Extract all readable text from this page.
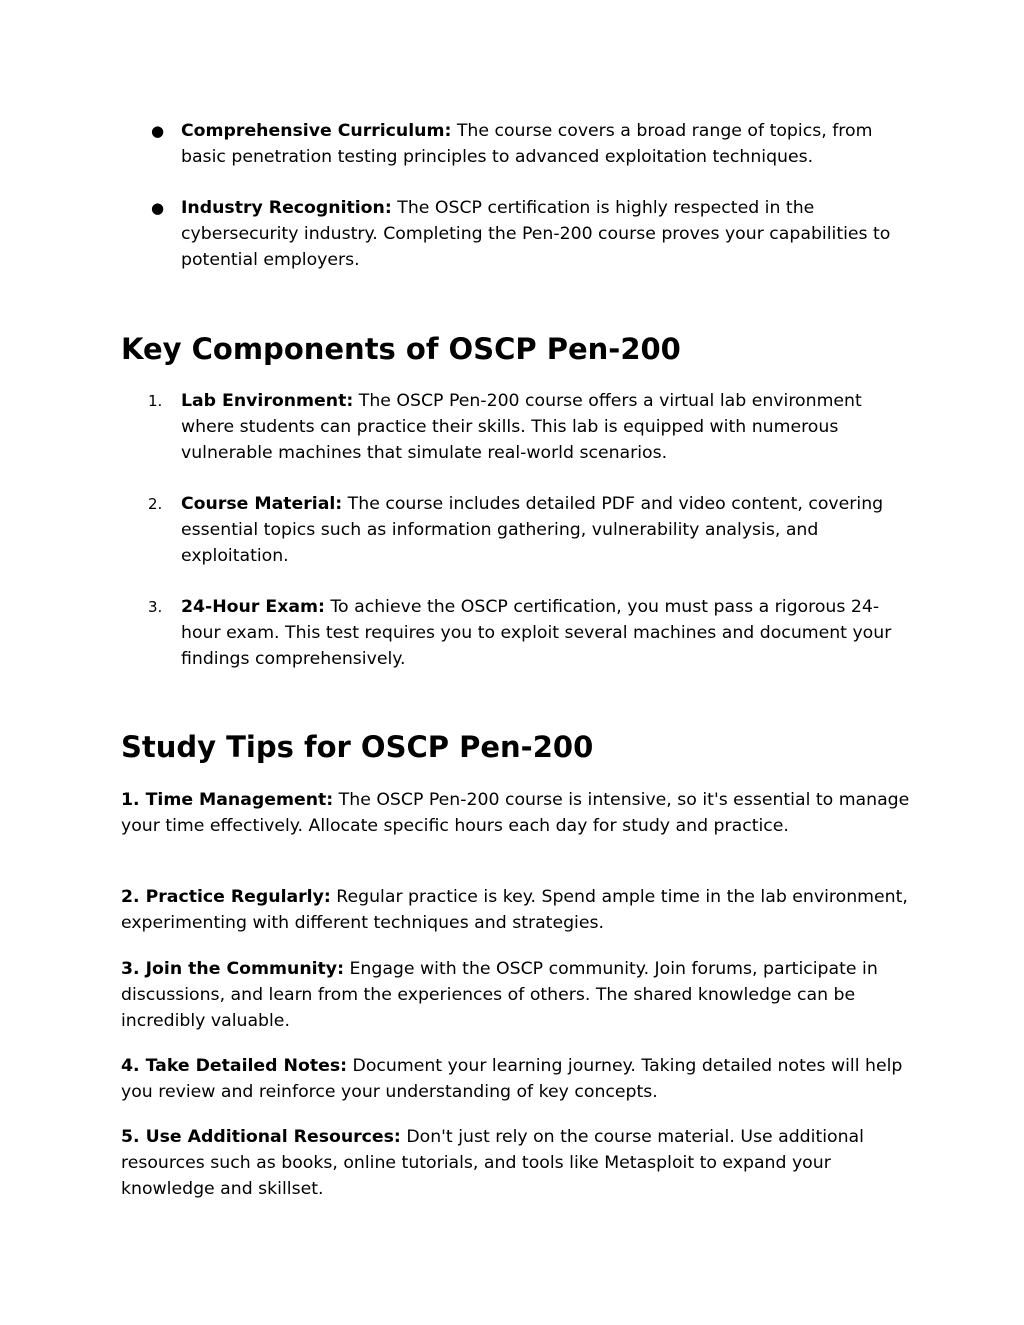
● Comprehensive Curriculum: The course covers a broad range of topics, from basic penetration testing principles to advanced exploitation techniques.

● Industry Recognition: The OSCP certification is highly respected in the cybersecurity industry. Completing the Pen-200 course proves your capabilities to potential employers.

Key Components of OSCP Pen-200

1.	Lab Environment: The OSCP Pen-200 course offers a virtual lab environment where students can practice their skills. This lab is equipped with numerous vulnerable machines that simulate real-world scenarios.

2.	Course Material: The course includes detailed PDF and video content, covering essential topics such as information gathering, vulnerability analysis, and exploitation.

3.	24-Hour Exam: To achieve the OSCP certification, you must pass a rigorous 24-hour exam. This test requires you to exploit several machines and document your findings comprehensively.

Study Tips for OSCP Pen-200

1. Time Management: The OSCP Pen-200 course is intensive, so it's essential to manage your time effectively. Allocate specific hours each day for study and practice.

2. Practice Regularly: Regular practice is key. Spend ample time in the lab environment, experimenting with different techniques and strategies.

3. Join the Community: Engage with the OSCP community. Join forums, participate in discussions, and learn from the experiences of others. The shared knowledge can be incredibly valuable.

4. Take Detailed Notes: Document your learning journey. Taking detailed notes will help you review and reinforce your understanding of key concepts.

5. Use Additional Resources: Don't just rely on the course material. Use additional resources such as books, online tutorials, and tools like Metasploit to expand your knowledge and skillset.
